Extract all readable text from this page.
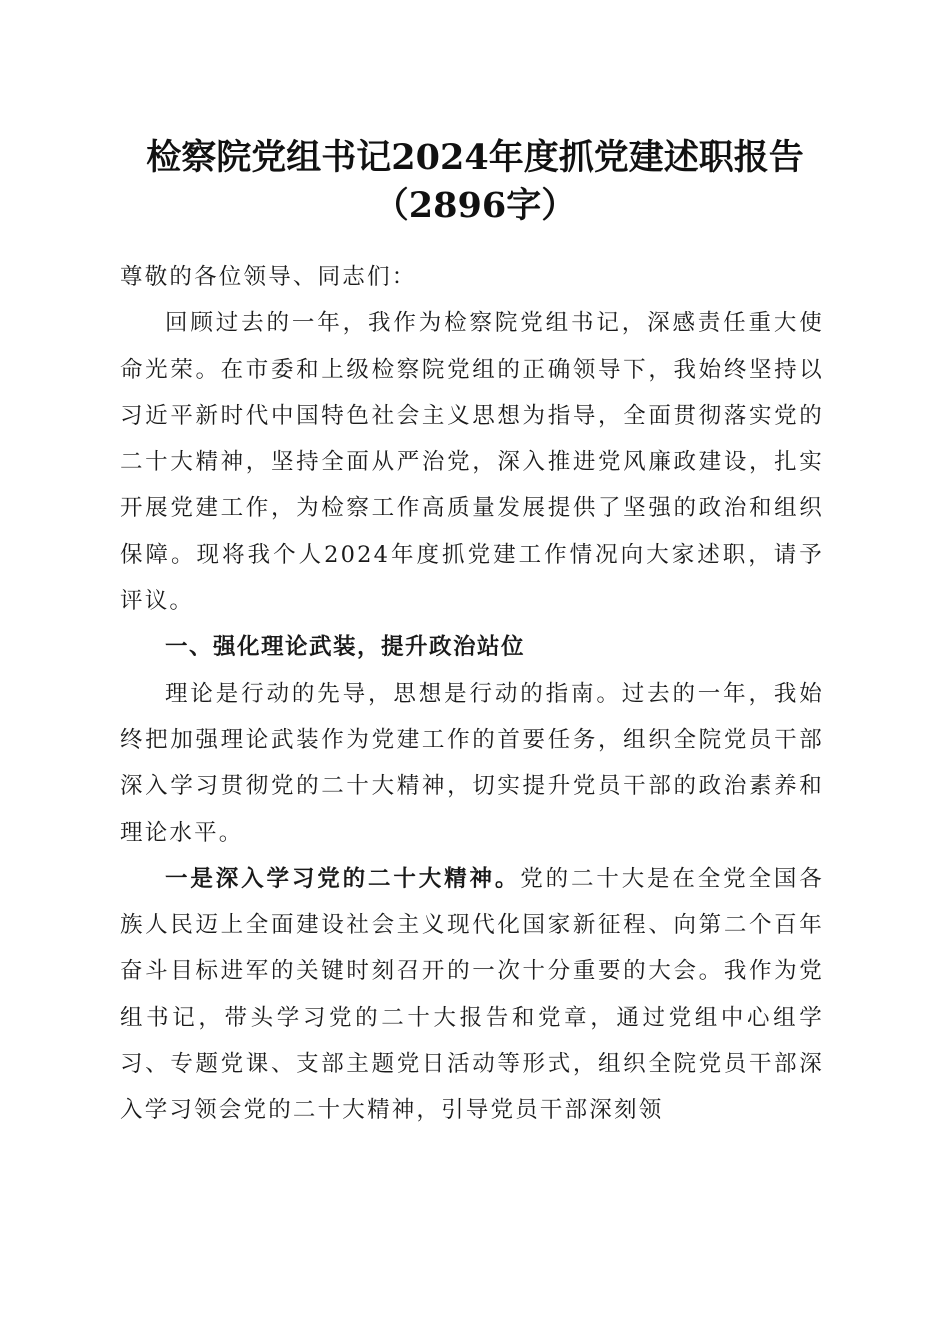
检察院党组书记2024年度抓党建述职报告
（2896字）

尊敬的各位领导、同志们：

回顾过去的一年，我作为检察院党组书记，深感责任重大使命光荣。在市委和上级检察院党组的正确领导下，我始终坚持以习近平新时代中国特色社会主义思想为指导，全面贯彻落实党的二十大精神，坚持全面从严治党，深入推进党风廉政建设，扎实开展党建工作，为检察工作高质量发展提供了坚强的政治和组织保障。现将我个人2024年度抓党建工作情况向大家述职，请予评议。

一、强化理论武装，提升政治站位

理论是行动的先导，思想是行动的指南。过去的一年，我始终把加强理论武装作为党建工作的首要任务，组织全院党员干部深入学习贯彻党的二十大精神，切实提升党员干部的政治素养和理论水平。

一是深入学习党的二十大精神。党的二十大是在全党全国各族人民迈上全面建设社会主义现代化国家新征程、向第二个百年奋斗目标进军的关键时刻召开的一次十分重要的大会。我作为党组书记，带头学习党的二十大报告和党章，通过党组中心组学习、专题党课、支部主题党日活动等形式，组织全院党员干部深入学习领会党的二十大精神，引导党员干部深刻领
